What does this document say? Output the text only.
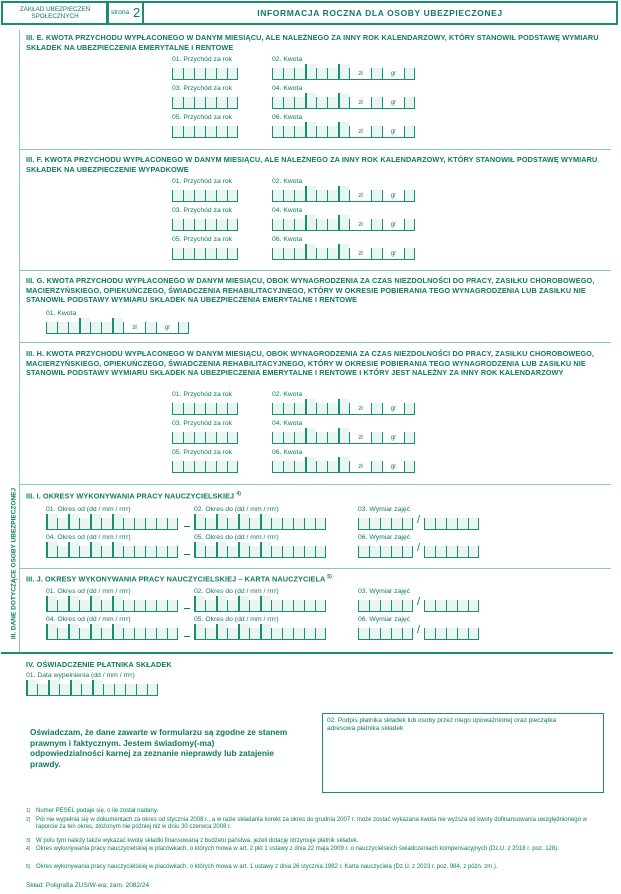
ZAKŁAD UBEZPIECZEŃ SPOŁECZNYCH
strona 2	INFORMACJA ROCZNA DLA OSOBY UBEZPIECZONEJ
III. DANE DOTYCZĄCE OSOBY UBEZPIECZONEJ
III. E. KWOTA PRZYCHODU WYPŁACONEGO W DANYM MIESIĄCU, ALE NALEŻNEGO ZA INNY ROK KALENDARZOWY, KTÓRY STANOWIŁ PODSTAWĘ WYMIARU SKŁADEK NA UBEZPIECZENIA EMERYTALNE I RENTOWE
01. Przychód za rok	02. Kwota
zł	gr
03. Przychód za rok	04. Kwota
zł	gr
05. Przychód za rok	06. Kwota
zł	gr
III. F. KWOTA PRZYCHODU WYPŁACONEGO W DANYM MIESIĄCU, ALE NALEŻNEGO ZA INNY ROK KALENDARZOWY, KTÓRY STANOWIŁ PODSTAWĘ WYMIARU SKŁADEK NA UBEZPIECZENIE WYPADKOWE
01. Przychód za rok	02. Kwota
zł	gr
03. Przychód za rok	04. Kwota
zł	gr
05. Przychód za rok	06. Kwota
zł	gr
III. G. KWOTA PRZYCHODU WYPŁACONEGO W DANYM MIESIĄCU, OBOK WYNAGRODZENIA ZA CZAS NIEZDOLNOŚCI DO PRACY, ZASIŁKU CHOROBOWEGO, MACIERZYŃSKIEGO, OPIEKUŃCZEGO, ŚWIADCZENIA REHABILITACYJNEGO, KTÓRY W OKRESIE POBIERANIA TEGO WYNAGRODZENIA LUB ZASIŁKU NIE STANOWIŁ PODSTAWY WYMIARU SKŁADEK NA UBEZPIECZENIA EMERYTALNE I RENTOWE
01. Kwota
zł	gr
III. H. KWOTA PRZYCHODU WYPŁACONEGO W DANYM MIESIĄCU, OBOK WYNAGRODZENIA ZA CZAS NIEZDOLNOŚCI DO PRACY, ZASIŁKU CHOROBOWEGO, MACIERZYŃSKIEGO, OPIEKUŃCZEGO, ŚWIADCZENIA REHABILITACYJNEGO, KTÓRY W OKRESIE POBIERANIA TEGO WYNAGRODZENIA LUB ZASIŁKU NIE STANOWIŁ PODSTAWY WYMIARU SKŁADEK NA UBEZPIECZENIA EMERYTALNE I RENTOWE I KTÓRY JEST NALEŻNY ZA INNY ROK KALENDARZOWY
01. Przychód za rok	02. Kwota
zł	gr
03. Przychód za rok	04. Kwota
zł	gr
05. Przychód za rok	06. Kwota
zł	gr
III. I. OKRESY WYKONYWANIA PRACY NAUCZYCIELSKIEJ $^{4)}$
01. Okres od (dd / mm / rrrr)	02. Okres do (dd / mm / rrrr)	03. Wymiar zajęć
/
04. Okres od (dd / mm / rrrr)	05. Okres do (dd / mm / rrrr)	06. Wymiar zajęć
/
III. J. OKRESY WYKONYWANIA PRACY NAUCZYCIELSKIEJ – KARTA NAUCZYCIELA $^{5)}$
01. Okres od (dd / mm / rrrr)	02. Okres do (dd / mm / rrrr)	03. Wymiar zajęć
/
04. Okres od (dd / mm / rrrr)	05. Okres do (dd / mm / rrrr)	06. Wymiar zajęć
/
IV. OŚWIADCZENIE PŁATNIKA SKŁADEK
01. Data wypełnienia (dd / mm / rrrr)
Oświadczam, że dane zawarte w formularzu są zgodne ze stanem prawnym i faktycznym. Jestem świadomy(-ma) odpowiedzialności karnej za zeznanie nieprawdy lub zatajenie prawdy.
02. Podpis płatnika składek lub osoby przez niego upoważnionej oraz pieczątka adresowa płatnika składek
1) Numer PESEL podaje się, o ile został nadany.
2) Pól nie wypełnia się w dokumentach za okres od stycznia 2008 r., a w razie składania korekt za okres do grudnia 2007 r. może zostać wykazana kwota nie wyższa od kwoty dofinansowania uwzględnionego w raporcie za ten okres, złożonym nie później niż w dniu 30 czerwca 2008 r.
3) W polu tym należy także wykazać kwotę składki finansowaną z budżetu państwa, jeżeli dotację otrzymuje płatnik składek.
4) Okres wykonywania pracy nauczycielskiej w placówkach, o których mowa w art. 2 pkt 1 ustawy z dnia 22 maja 2009 r. o nauczycielskich świadczeniach kompensacyjnych (Dz.U. z 2018 r. poz. 128).
5) Okres wykonywania pracy nauczycielskiej w placówkach, o których mowa w art. 1 ustawy z dnia 26 stycznia 1982 r. Karta nauczyciela (Dz.U. z 2023 r. poz. 984, z późn. zm.).
Skład: Poligrafia ZUS/W-wa; zam. 2082/24
